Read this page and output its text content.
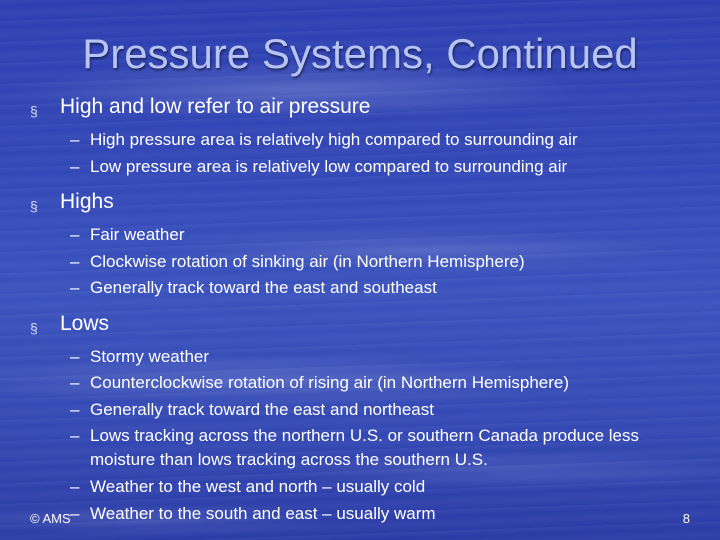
Pressure Systems, Continued
§ High and low refer to air pressure
– High pressure area is relatively high compared to surrounding air
– Low pressure area is relatively low compared to surrounding air
§ Highs
– Fair weather
– Clockwise rotation of sinking air (in Northern Hemisphere)
– Generally track toward the east and southeast
§ Lows
– Stormy weather
– Counterclockwise rotation of rising air (in Northern Hemisphere)
– Generally track toward the east and northeast
– Lows tracking across the northern U.S. or southern Canada produce less moisture than lows tracking across the southern U.S.
– Weather to the west and north – usually cold
– Weather to the south and east – usually warm
© AMS	8
